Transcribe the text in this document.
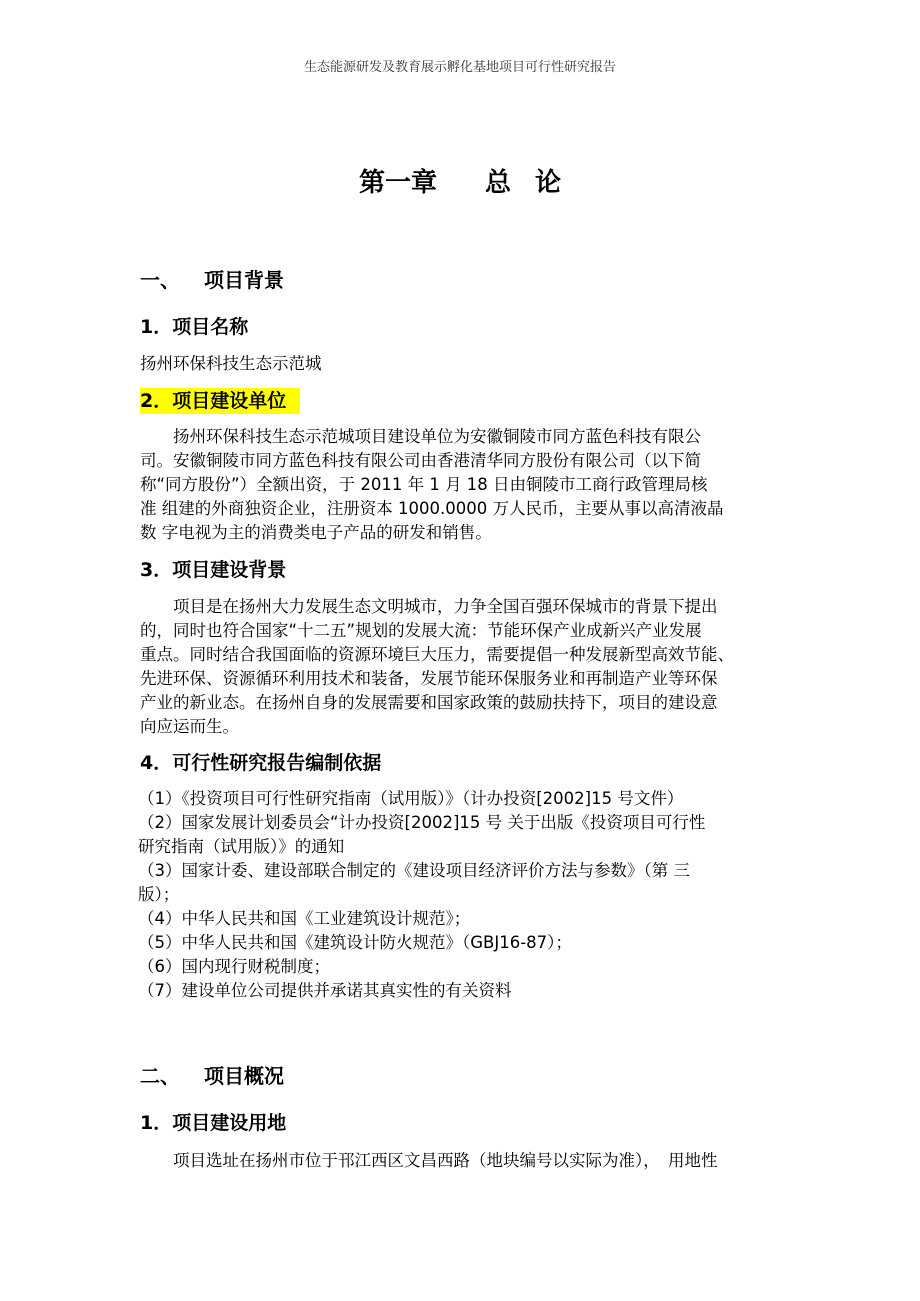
生态能源研发及教育展示孵化基地项目可行性研究报告
第一章 总 论
一、 项目背景
1．项目名称
扬州环保科技生态示范城
2．项目建设单位
　　扬州环保科技生态示范城项目建设单位为安徽铜陵市同方蓝色科技有限公
司。安徽铜陵市同方蓝色科技有限公司由香港清华同方股份有限公司（以下简
称“同方股份”）全额出资，于 2011 年 1 月 18 日由铜陵市工商行政管理局核
准 组建的外商独资企业，注册资本 1000.0000 万人民币，主要从事以高清液晶
数 字电视为主的消费类电子产品的研发和销售。
3．项目建设背景
　　项目是在扬州大力发展生态文明城市，力争全国百强环保城市的背景下提出
的，同时也符合国家“十二五”规划的发展大流：节能环保产业成新兴产业发展
重点。同时结合我国面临的资源环境巨大压力，需要提倡一种发展新型高效节能、
先进环保、资源循环利用技术和装备，发展节能环保服务业和再制造产业等环保
产业的新业态。在扬州自身的发展需要和国家政策的鼓励扶持下，项目的建设意
向应运而生。
4．可行性研究报告编制依据
（1）《投资项目可行性研究指南（试用版）》（计办投资[2002]15 号文件）
（2）国家发展计划委员会“计办投资[2002]15 号 关于出版《投资项目可行性
研究指南（试用版）》的通知
（3）国家计委、建设部联合制定的《建设项目经济评价方法与参数》（第 三
版）；
（4）中华人民共和国《工业建筑设计规范》；
（5）中华人民共和国《建筑设计防火规范》（GBJ16-87）；
（6）国内现行财税制度；
（7）建设单位公司提供并承诺其真实性的有关资料
二、 项目概况
1．项目建设用地
　　项目选址在扬州市位于邗江西区文昌西路（地块编号以实际为准），　用地性
